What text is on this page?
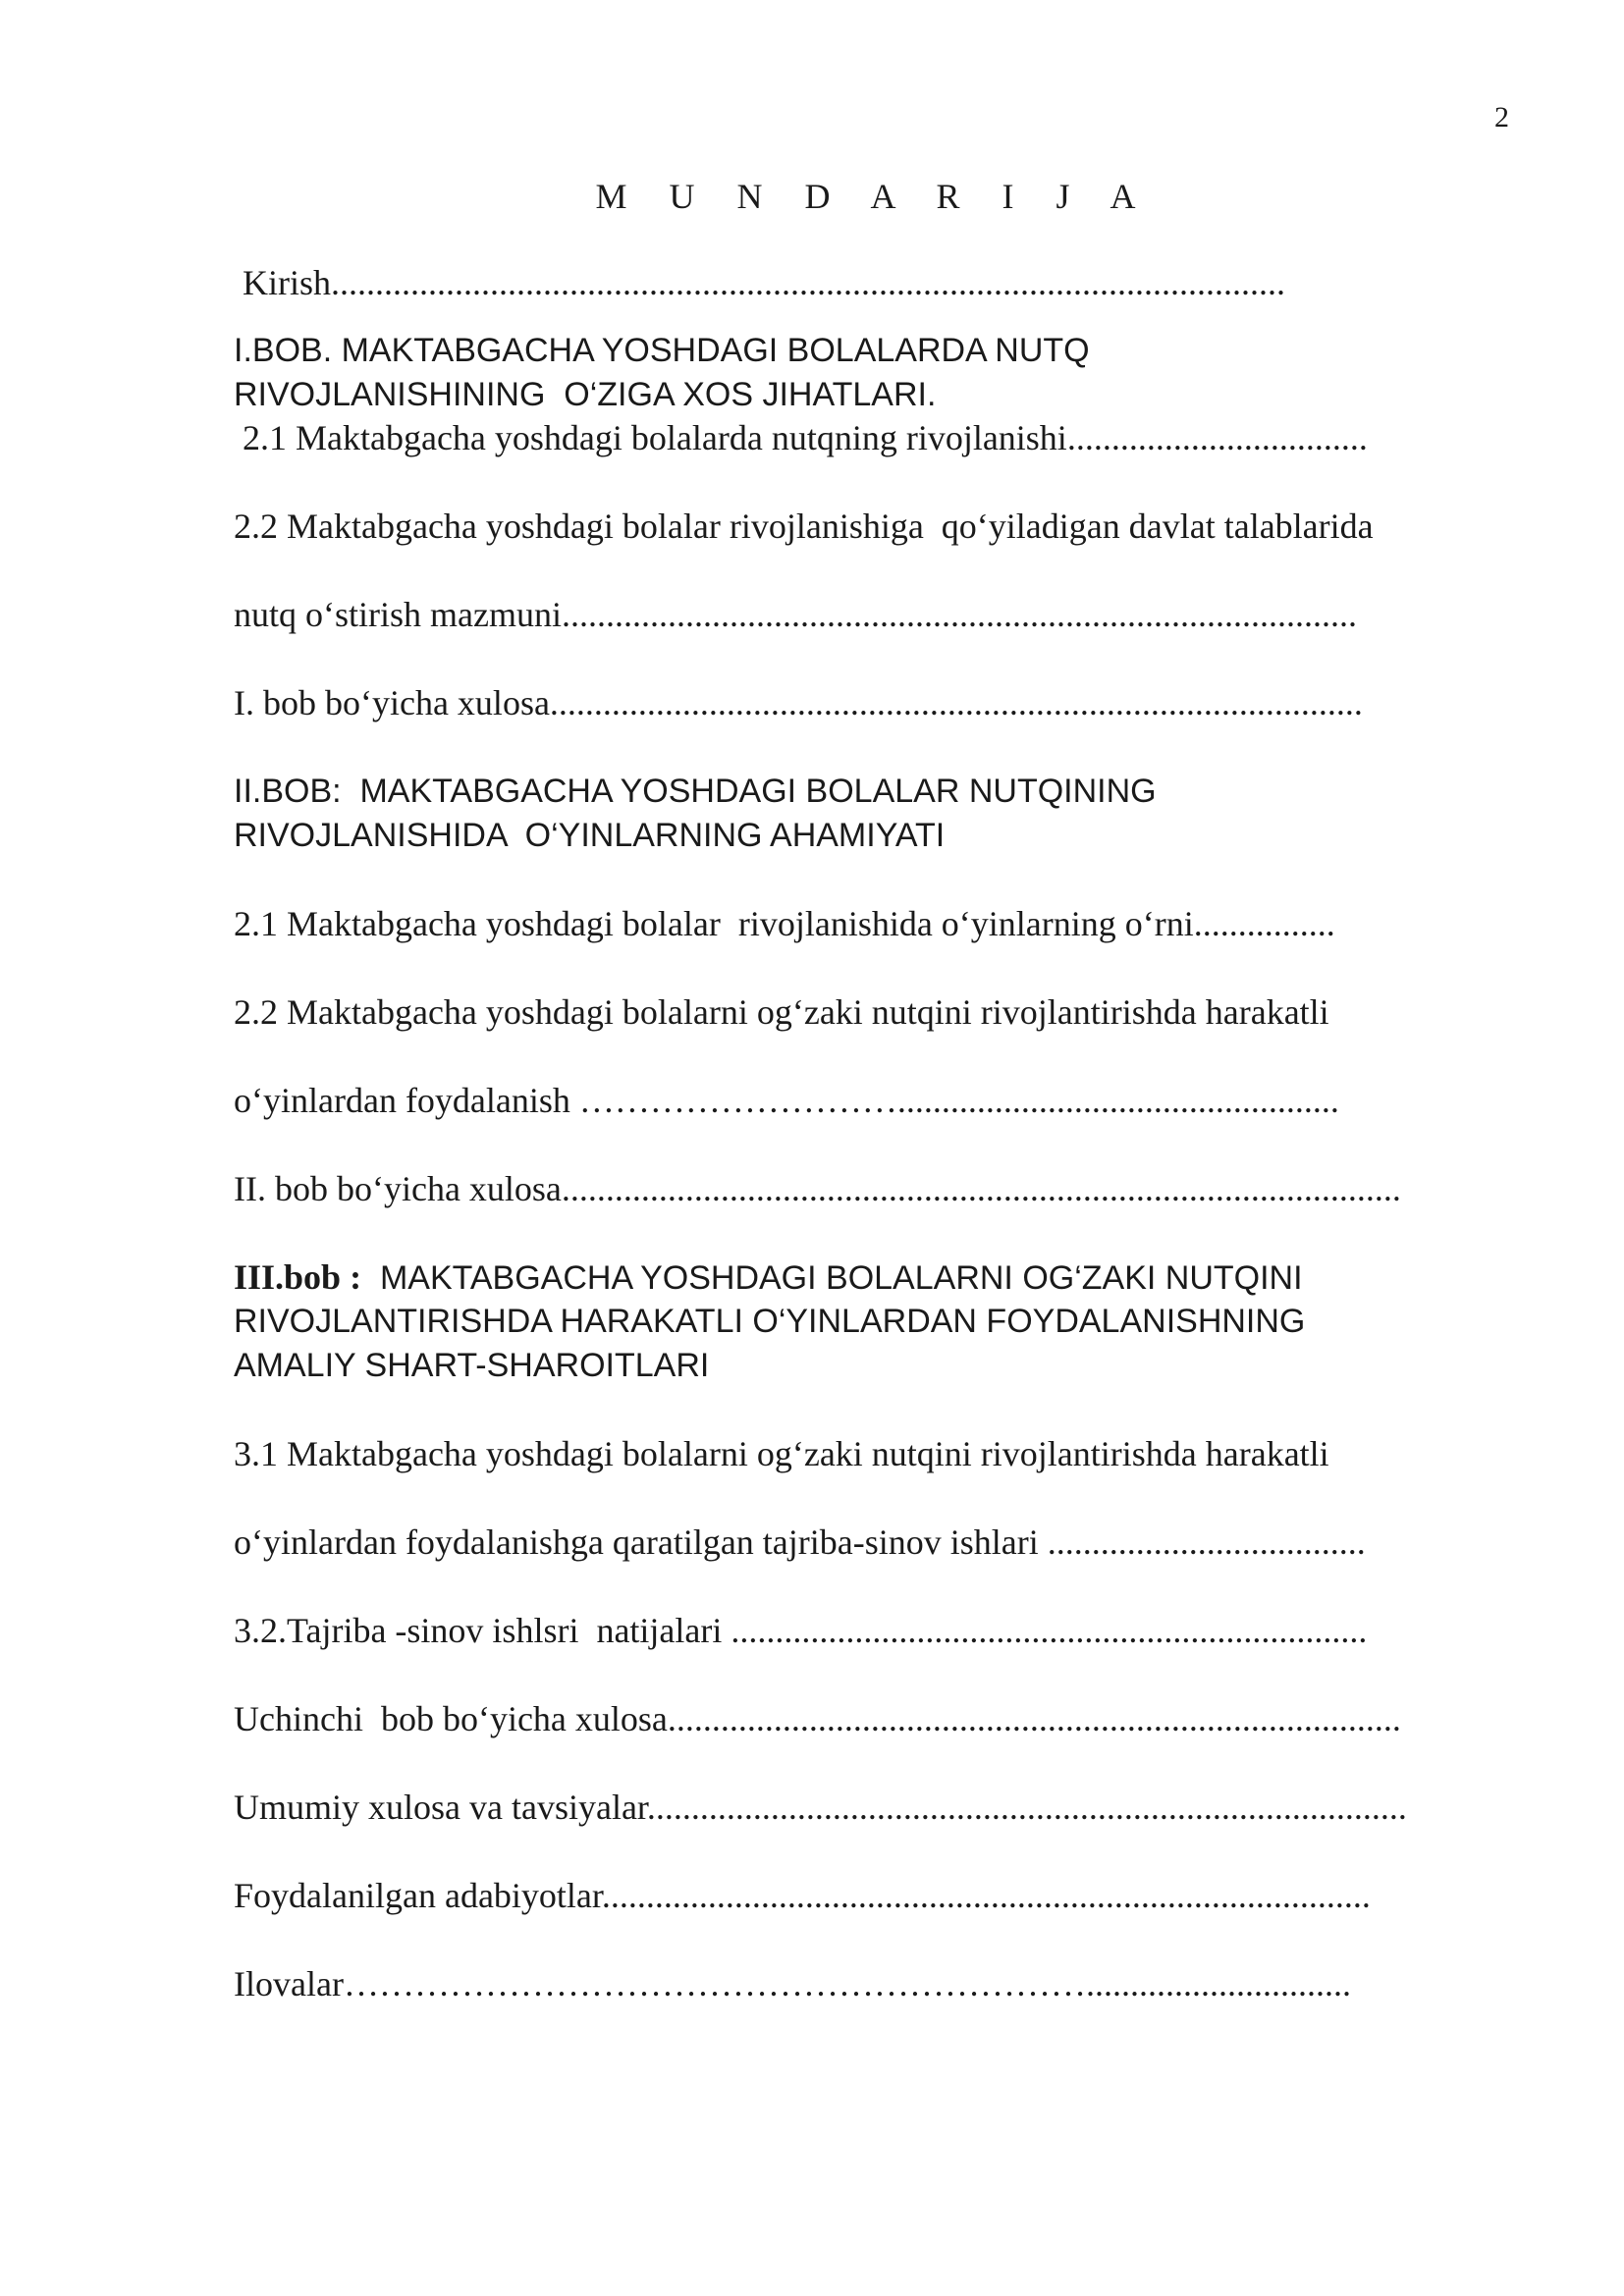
2
M U N D A R I J A
Kirish............................................................................................................
I.BOB. MAKTABGACHA YOSHDAGI BOLALARDA NUTQ
RIVOJLANISHINING  O‘ZIGA XOS JIHATLARI.
2.1 Maktabgacha yoshdagi bolalarda nutqning rivojlanishi..................................
2.2 Maktabgacha yoshdagi bolalar rivojlanishiga  qo‘yiladigan davlat talablarida
nutq o‘stirish mazmuni..........................................................................................
I. bob bo‘yicha xulosa............................................................................................
II.BOB:  MAKTABGACHA YOSHDAGI BOLALAR NUTQINING
RIVOJLANISHIDA  O‘YINLARNING AHAMIYATI
2.1 Maktabgacha yoshdagi bolalar  rivojlanishida o‘yinlarning o‘rni................
2.2 Maktabgacha yoshdagi bolalarni og‘zaki nutqini rivojlantirishda harakatli
o‘yinlardan foydalanish ………………………..................................................
II. bob bo‘yicha xulosa...............................................................................................
III.bob :  MAKTABGACHA YOSHDAGI BOLALARNI OG‘ZAKI NUTQINI
RIVOJLANTIRISHDA HARAKATLI O‘YINLARDAN FOYDALANISHNING
AMALIY SHART-SHAROITLARI
3.1 Maktabgacha yoshdagi bolalarni og‘zaki nutqini rivojlantirishda harakatli
o‘yinlardan foydalanishga qaratilgan tajriba-sinov ishlari ....................................
3.2.Tajriba -sinov ishlsri  natijalari ........................................................................
Uchinchi  bob bo‘yicha xulosa...................................................................................
Umumiy xulosa va tavsiyalar......................................................................................
Foydalanilgan adabiyotlar.......................................................................................
Ilovalar………………………………………………………..............................
